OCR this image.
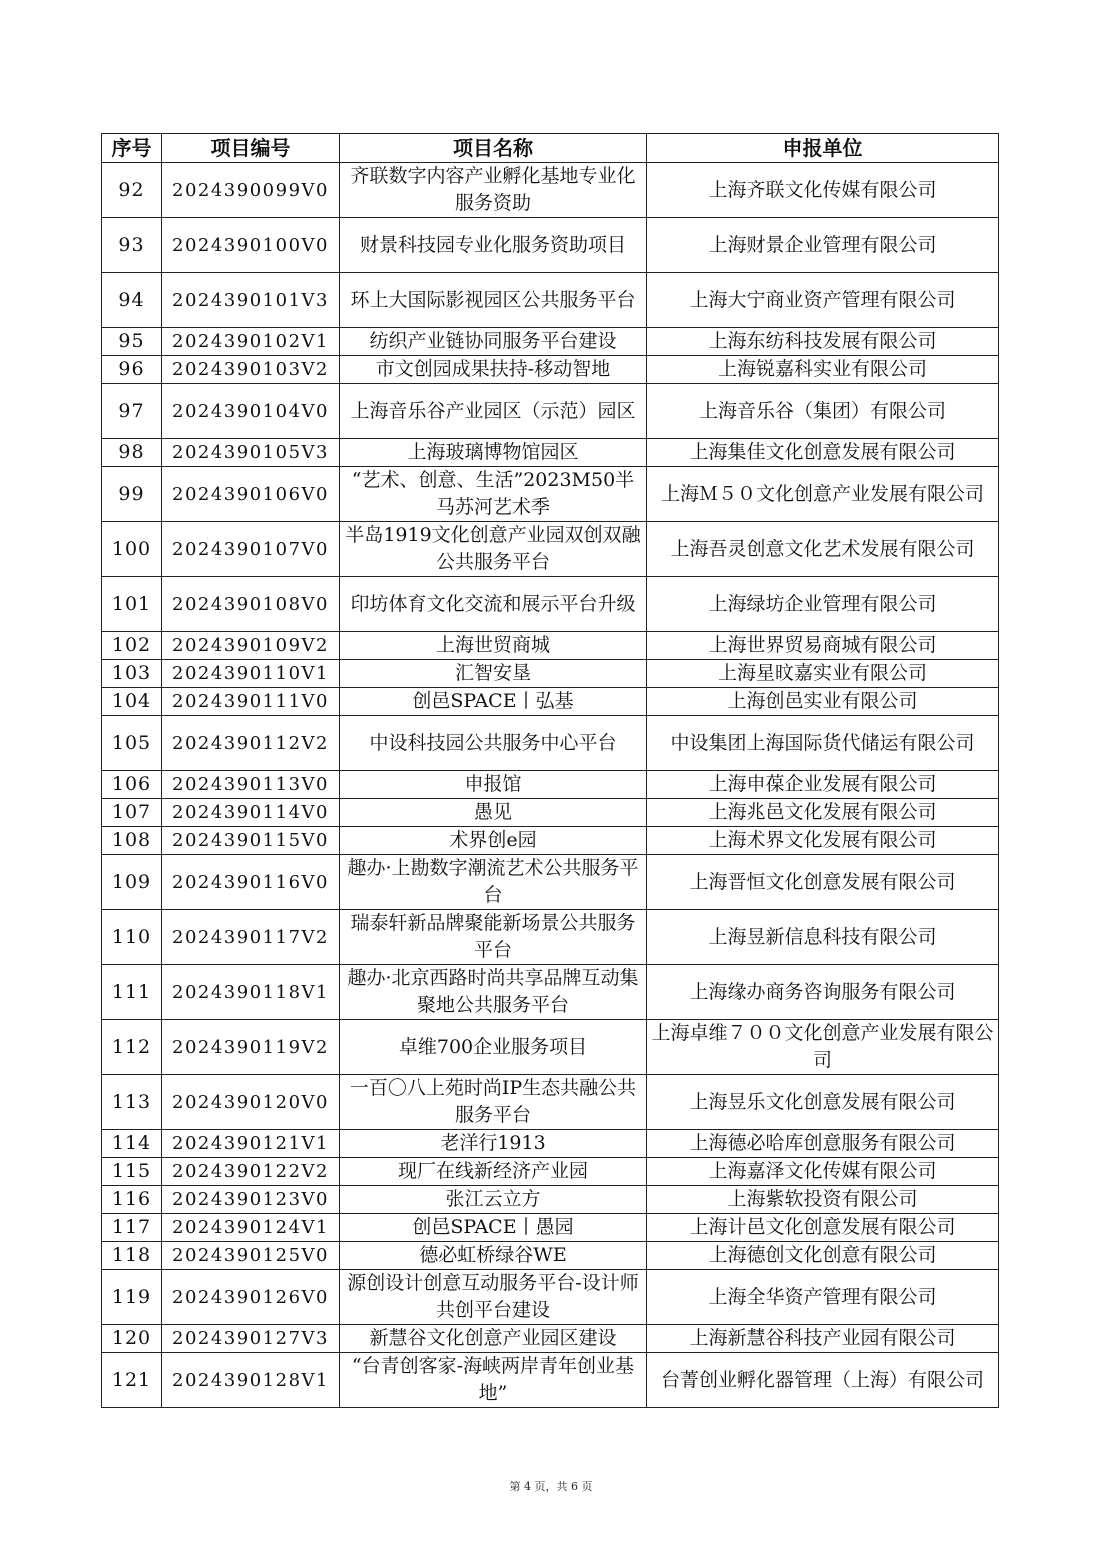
序号	项目编号	项目名称	申报单位
92	2024390099V0	齐联数字内容产业孵化基地专业化服务资助	上海齐联文化传媒有限公司
93	2024390100V0	财景科技园专业化服务资助项目	上海财景企业管理有限公司
94	2024390101V3	环上大国际影视园区公共服务平台	上海大宁商业资产管理有限公司
95	2024390102V1	纺织产业链协同服务平台建设	上海东纺科技发展有限公司
96	2024390103V2	市文创园成果扶持-移动智地	上海锐嘉科实业有限公司
97	2024390104V0	上海音乐谷产业园区（示范）园区	上海音乐谷（集团）有限公司
98	2024390105V3	上海玻璃博物馆园区	上海集佳文化创意发展有限公司
99	2024390106V0	“艺术、创意、生活”2023M50半马苏河艺术季	上海Ｍ５０文化创意产业发展有限公司
100	2024390107V0	半岛1919文化创意产业园双创双融公共服务平台	上海吾灵创意文化艺术发展有限公司
101	2024390108V0	印坊体育文化交流和展示平台升级	上海绿坊企业管理有限公司
102	2024390109V2	上海世贸商城	上海世界贸易商城有限公司
103	2024390110V1	汇智安垦	上海星旼嘉实业有限公司
104	2024390111V0	创邑SPACE丨弘基	上海创邑实业有限公司
105	2024390112V2	中设科技园公共服务中心平台	中设集团上海国际货代储运有限公司
106	2024390113V0	申报馆	上海申葆企业发展有限公司
107	2024390114V0	愚见	上海兆邑文化发展有限公司
108	2024390115V0	术界创e园	上海术界文化发展有限公司
109	2024390116V0	趣办·上勘数字潮流艺术公共服务平台	上海晋恒文化创意发展有限公司
110	2024390117V2	瑞泰轩新品牌聚能新场景公共服务平台	上海昱新信息科技有限公司
111	2024390118V1	趣办·北京西路时尚共享品牌互动集聚地公共服务平台	上海缘办商务咨询服务有限公司
112	2024390119V2	卓维700企业服务项目	上海卓维７００文化创意产业发展有限公司
113	2024390120V0	一百〇八上苑时尚IP生态共融公共服务平台	上海昱乐文化创意发展有限公司
114	2024390121V1	老洋行1913	上海德必哈库创意服务有限公司
115	2024390122V2	现厂在线新经济产业园	上海嘉泽文化传媒有限公司
116	2024390123V0	张江云立方	上海紫软投资有限公司
117	2024390124V1	创邑SPACE丨愚园	上海计邑文化创意发展有限公司
118	2024390125V0	德必虹桥绿谷WE	上海德创文化创意有限公司
119	2024390126V0	源创设计创意互动服务平台-设计师共创平台建设	上海全华资产管理有限公司
120	2024390127V3	新慧谷文化创意产业园区建设	上海新慧谷科技产业园有限公司
121	2024390128V1	“台青创客家-海峡两岸青年创业基地”	台菁创业孵化器管理（上海）有限公司
第 4 页，共 6 页
